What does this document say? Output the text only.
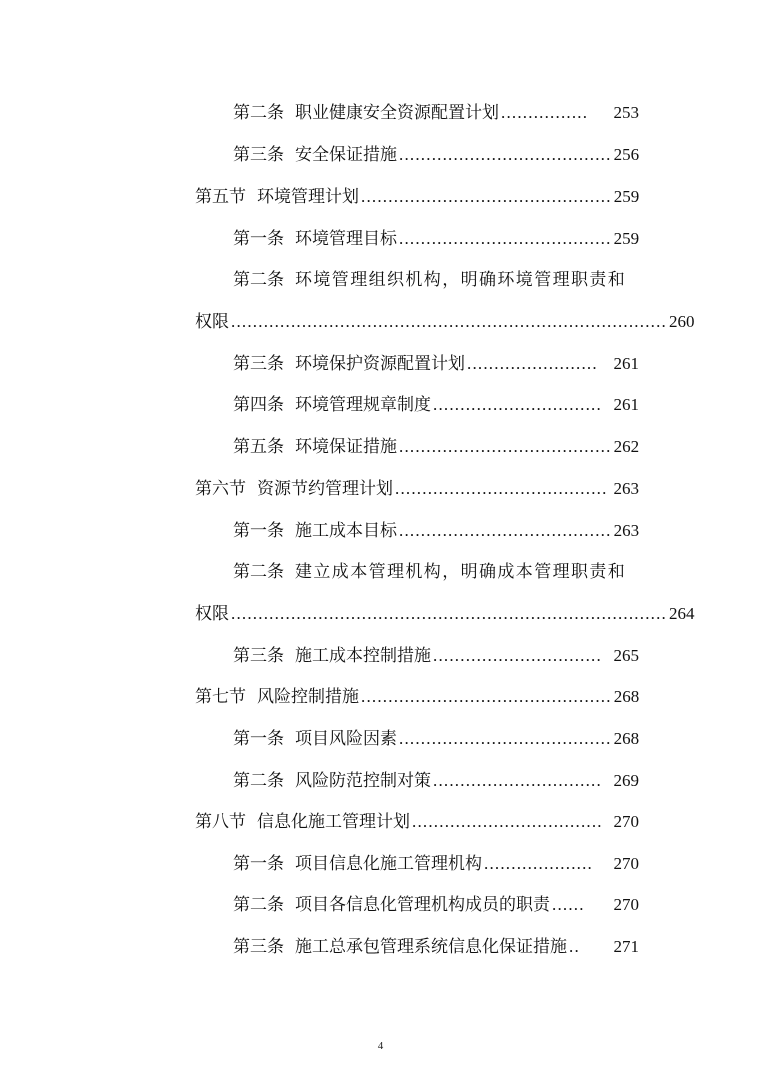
第二条 职业健康安全资源配置计划 ................	253
第三条 安全保证措施 ....................................... 256
第五节 环境管理计划 .............................................. 259
第一条 环境管理目标 ....................................... 259
第二条 环境管理组织机构，明确环境管理职责和
权限 ................................................................................ 260
第三条 环境保护资源配置计划 ........................ 261
第四条 环境管理规章制度 ............................... 261
第五条 环境保证措施 ....................................... 262
第六节 资源节约管理计划 ....................................... 263
第一条 施工成本目标 ....................................... 263
第二条 建立成本管理机构，明确成本管理职责和
权限 ................................................................................ 264
第三条 施工成本控制措施 ............................... 265
第七节 风险控制措施 .............................................. 268
第一条 项目风险因素 ....................................... 268
第二条 风险防范控制对策 ............................... 269
第八节 信息化施工管理计划 ................................... 270
第一条 项目信息化施工管理机构 ....................	270
第二条 项目各信息化管理机构成员的职责 ......	270
第三条 施工总承包管理系统信息化保证措施 ..	271
4
